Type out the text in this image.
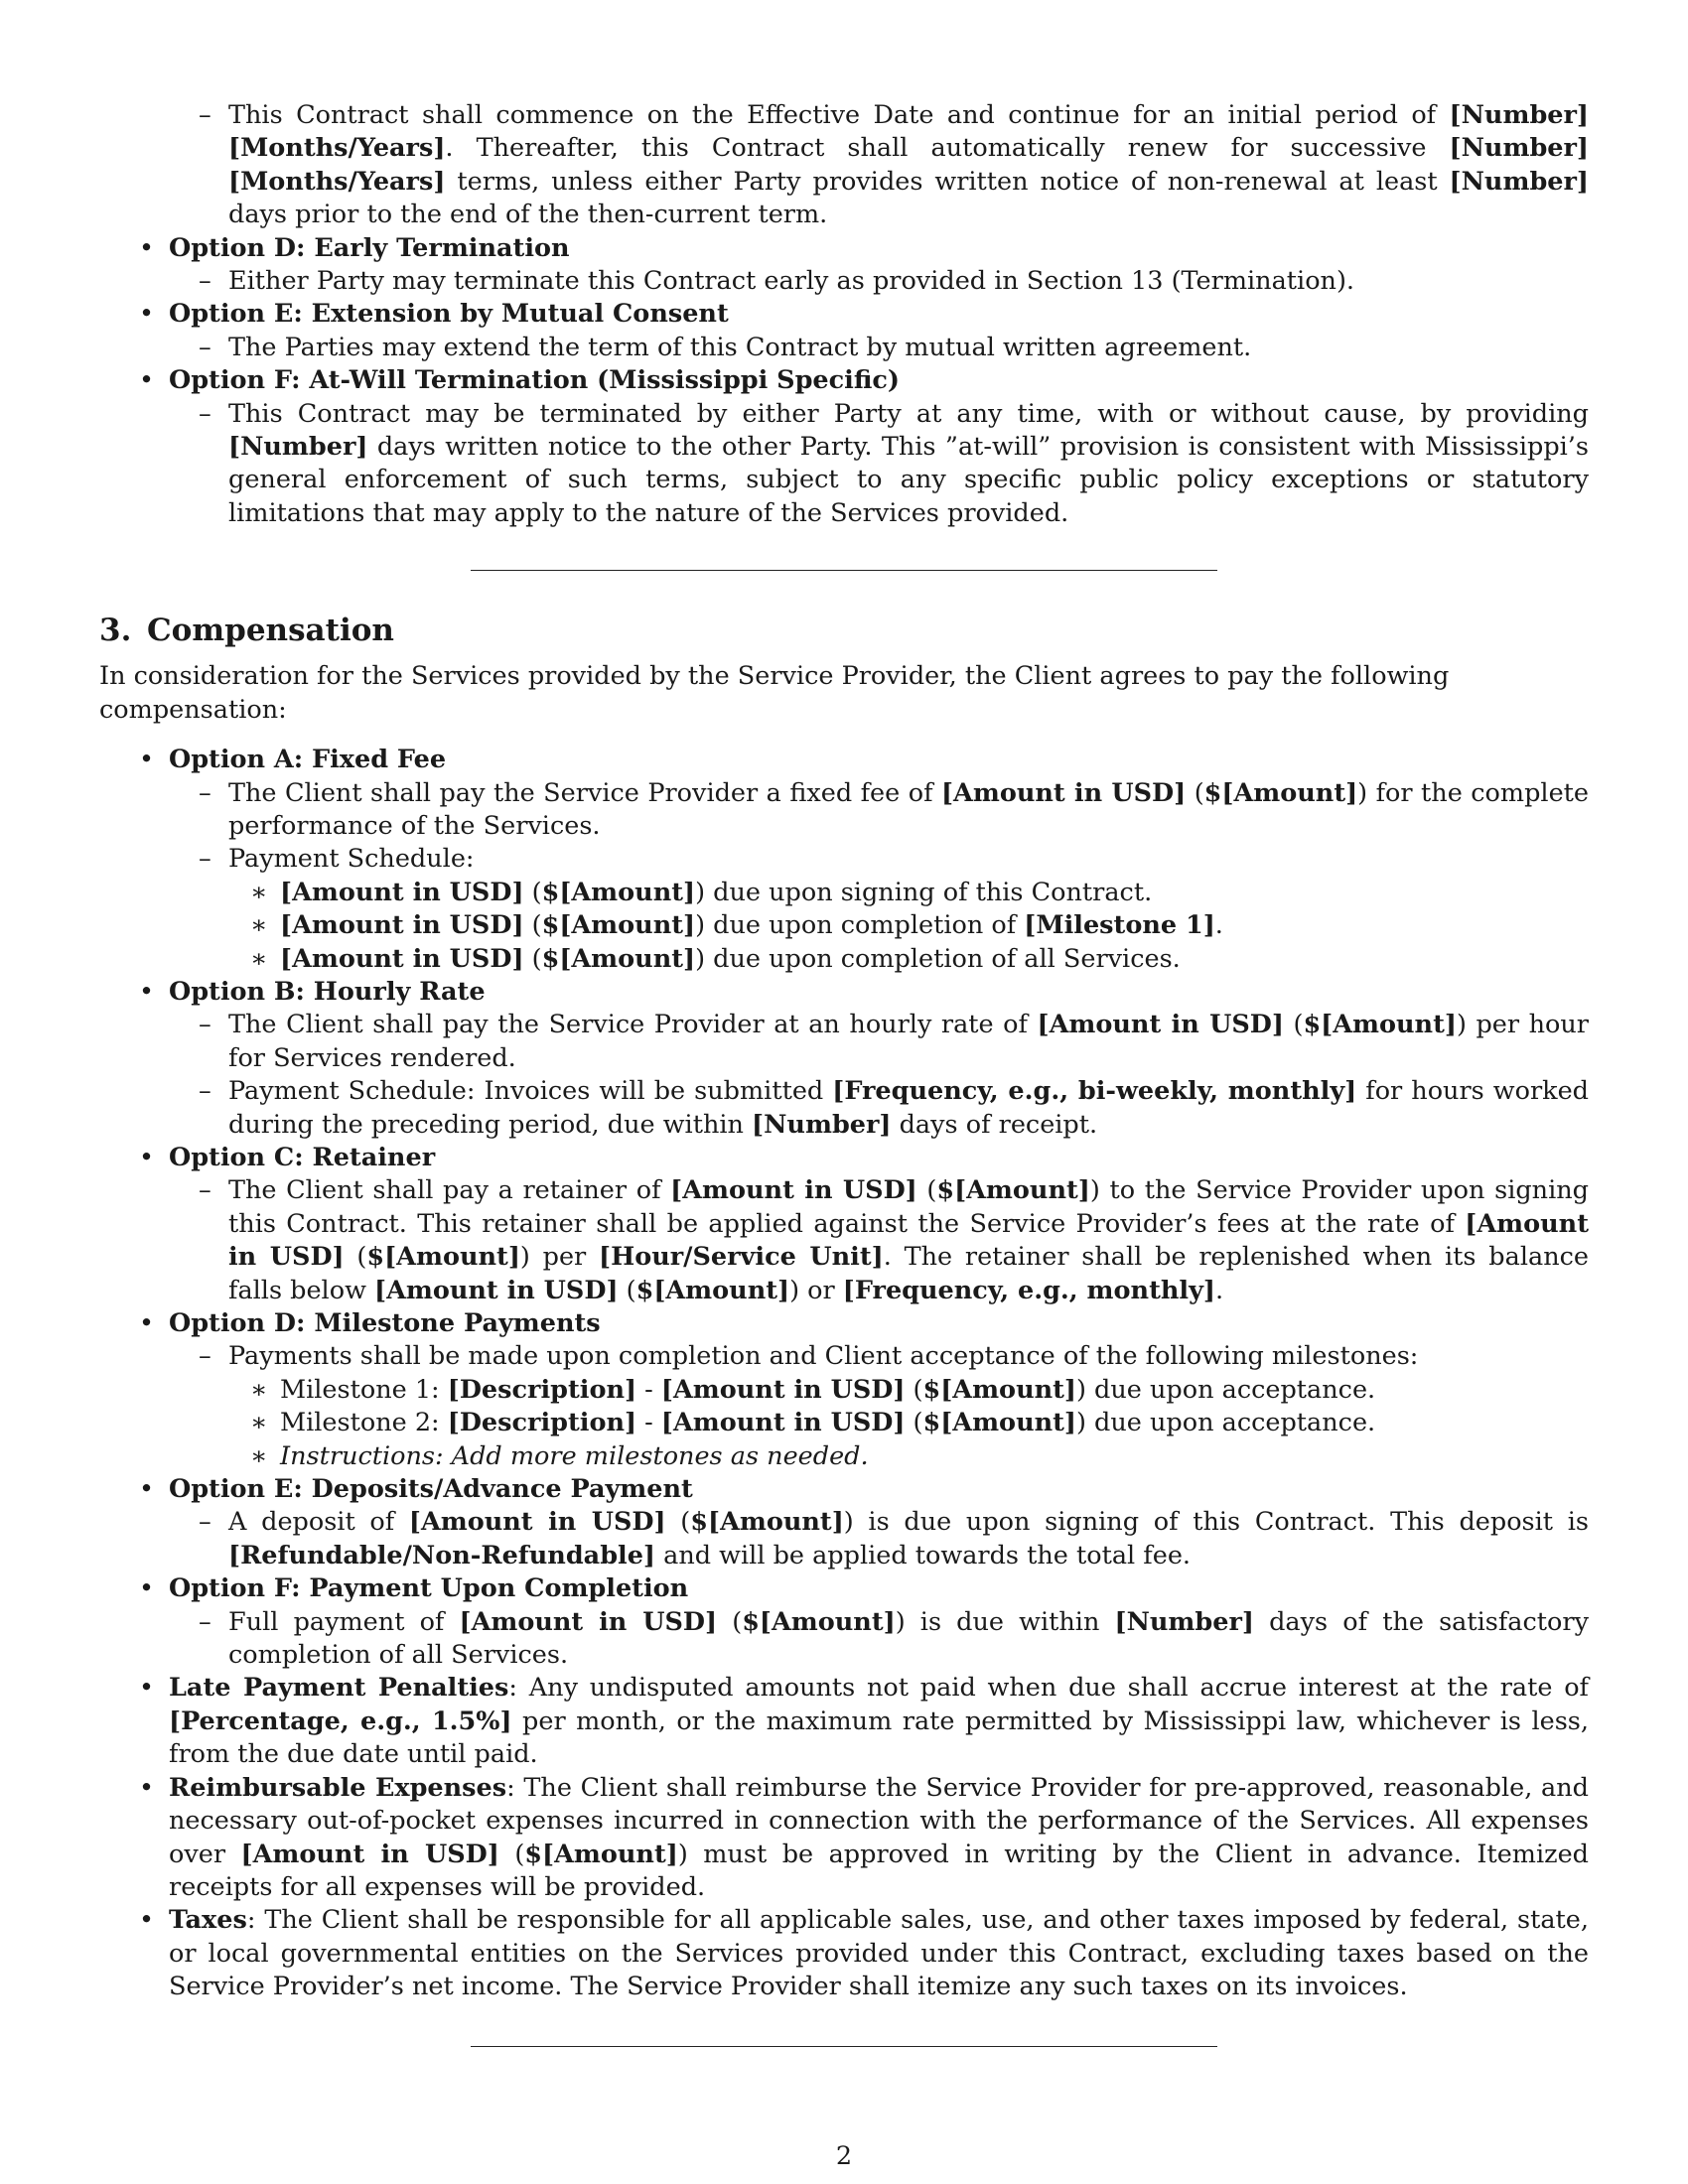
– This Contract shall commence on the Effective Date and continue for an initial period of [Number] [Months/Years]. Thereafter, this Contract shall automatically renew for successive [Number] [Months/Years] terms, unless either Party provides written notice of non-renewal at least [Number] days prior to the end of the then-current term.
• Option D: Early Termination
– Either Party may terminate this Contract early as provided in Section 13 (Termination).
• Option E: Extension by Mutual Consent
– The Parties may extend the term of this Contract by mutual written agreement.
• Option F: At-Will Termination (Mississippi Specific)
– This Contract may be terminated by either Party at any time, with or without cause, by providing [Number] days written notice to the other Party. This ”at-will” provision is consistent with Mississippi’s general enforcement of such terms, subject to any specific public policy exceptions or statutory limitations that may apply to the nature of the Services provided.
3. Compensation
In consideration for the Services provided by the Service Provider, the Client agrees to pay the following compensation:
• Option A: Fixed Fee
– The Client shall pay the Service Provider a fixed fee of [Amount in USD] ($[Amount]) for the complete performance of the Services.
– Payment Schedule:
∗ [Amount in USD] ($[Amount]) due upon signing of this Contract.
∗ [Amount in USD] ($[Amount]) due upon completion of [Milestone 1].
∗ [Amount in USD] ($[Amount]) due upon completion of all Services.
• Option B: Hourly Rate
– The Client shall pay the Service Provider at an hourly rate of [Amount in USD] ($[Amount]) per hour for Services rendered.
– Payment Schedule: Invoices will be submitted [Frequency, e.g., bi-weekly, monthly] for hours worked during the preceding period, due within [Number] days of receipt.
• Option C: Retainer
– The Client shall pay a retainer of [Amount in USD] ($[Amount]) to the Service Provider upon signing this Contract. This retainer shall be applied against the Service Provider’s fees at the rate of [Amount in USD] ($[Amount]) per [Hour/Service Unit]. The retainer shall be replenished when its balance falls below [Amount in USD] ($[Amount]) or [Frequency, e.g., monthly].
• Option D: Milestone Payments
– Payments shall be made upon completion and Client acceptance of the following milestones:
∗ Milestone 1: [Description] - [Amount in USD] ($[Amount]) due upon acceptance.
∗ Milestone 2: [Description] - [Amount in USD] ($[Amount]) due upon acceptance.
∗ Instructions: Add more milestones as needed.
• Option E: Deposits/Advance Payment
– A deposit of [Amount in USD] ($[Amount]) is due upon signing of this Contract. This deposit is [Refundable/Non-Refundable] and will be applied towards the total fee.
• Option F: Payment Upon Completion
– Full payment of [Amount in USD] ($[Amount]) is due within [Number] days of the satisfactory completion of all Services.
• Late Payment Penalties: Any undisputed amounts not paid when due shall accrue interest at the rate of [Percentage, e.g., 1.5%] per month, or the maximum rate permitted by Mississippi law, whichever is less, from the due date until paid.
• Reimbursable Expenses: The Client shall reimburse the Service Provider for pre-approved, reasonable, and necessary out-of-pocket expenses incurred in connection with the performance of the Services. All expenses over [Amount in USD] ($[Amount]) must be approved in writing by the Client in advance. Itemized receipts for all expenses will be provided.
• Taxes: The Client shall be responsible for all applicable sales, use, and other taxes imposed by federal, state, or local governmental entities on the Services provided under this Contract, excluding taxes based on the Service Provider’s net income. The Service Provider shall itemize any such taxes on its invoices.
2
